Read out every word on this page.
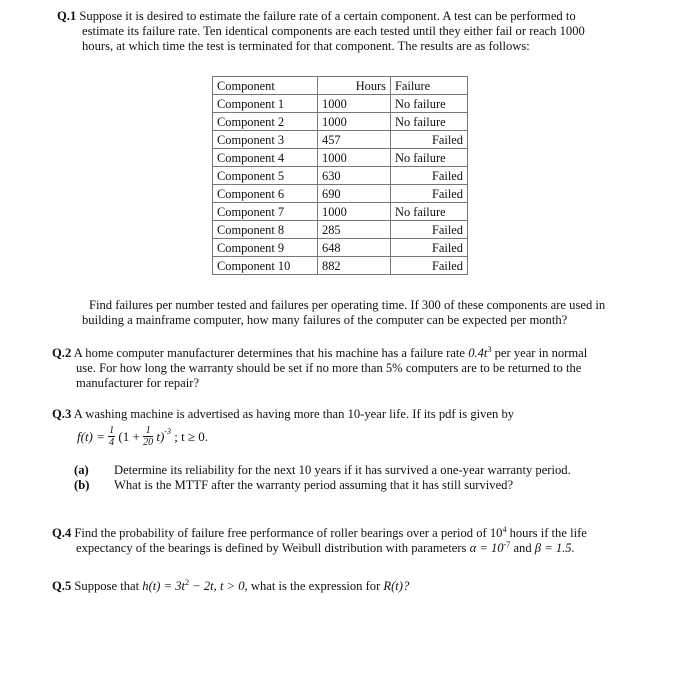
Q.1 Suppose it is desired to estimate the failure rate of a certain component. A test can be performed to
estimate its failure rate. Ten identical components are each tested until they either fail or reach 1000
hours, at which time the test is terminated for that component. The results are as follows:
Component	Hours	Failure
Component 1	1000	No failure
Component 2	1000	No failure
Component 3	457	Failed
Component 4	1000	No failure
Component 5	630	Failed
Component 6	690	Failed
Component 7	1000	No failure
Component 8	285	Failed
Component 9	648	Failed
Component 10	882	Failed
Find failures per number tested and failures per operating time. If 300 of these components are used in
building a mainframe computer, how many failures of the computer can be expected per month?
Q.2 A home computer manufacturer determines that his machine has a failure rate $0.4t^3$ per year in normal
use. For how long the warranty should be set if no more than 5% computers are to be returned to the
manufacturer for repair?
Q.3 A washing machine is advertised as having more than 10-year life. If its pdf is given by
$f(t) = \frac{1}{4} (1 + \frac{1}{20} t)^{-3}$ ; t ≥ 0.
(a) Determine its reliability for the next 10 years if it has survived a one-year warranty period.
(b) What is the MTTF after the warranty period assuming that it has still survived?
Q.4 Find the probability of failure free performance of roller bearings over a period of $10^4$ hours if the life
expectancy of the bearings is defined by Weibull distribution with parameters $\alpha = 10^{-7}$ and β = 1.5.
Q.5 Suppose that $h(t) = 3t^2 - 2t$, t > 0, what is the expression for R(t)?
